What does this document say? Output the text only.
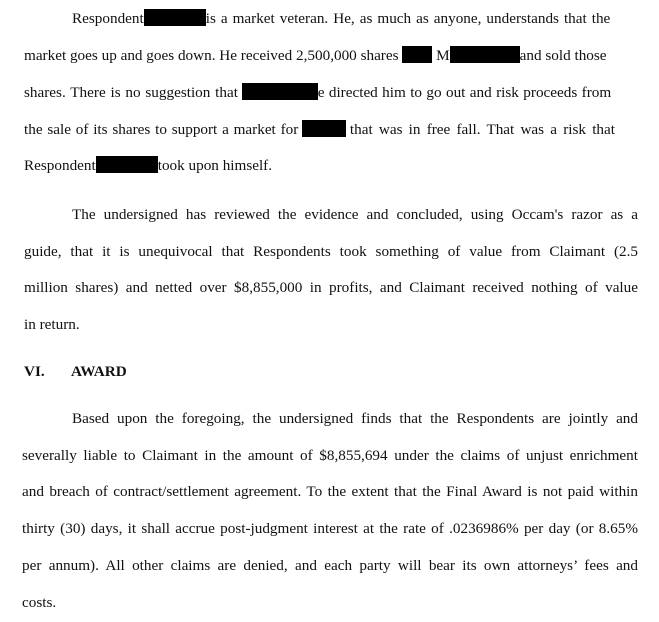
Respondent	is a market veteran. He, as much as anyone, understands that the
market goes up and goes down. He received 2,500,000 shares M	and sold those
shares. There is no suggestion that	e directed him to go out and risk proceeds from
the sale of its shares to support a market for	that was in free fall. That was a risk that
Respondent	took upon himself.
The undersigned has reviewed the evidence and concluded, using Occam's razor as a
guide, that it is unequivocal that Respondents took something of value from Claimant (2.5
million shares) and netted over $8,855,000 in profits, and Claimant received nothing of value
in return.
VI. AWARD
Based upon the foregoing, the undersigned finds that the Respondents are jointly and
severally liable to Claimant in the amount of $8,855,694 under the claims of unjust enrichment
and breach of contract/settlement agreement. To the extent that the Final Award is not paid within
thirty (30) days, it shall accrue post-judgment interest at the rate of .0236986% per day (or 8.65%
per annum). All other claims are denied, and each party will bear its own attorneys’ fees and
costs.
